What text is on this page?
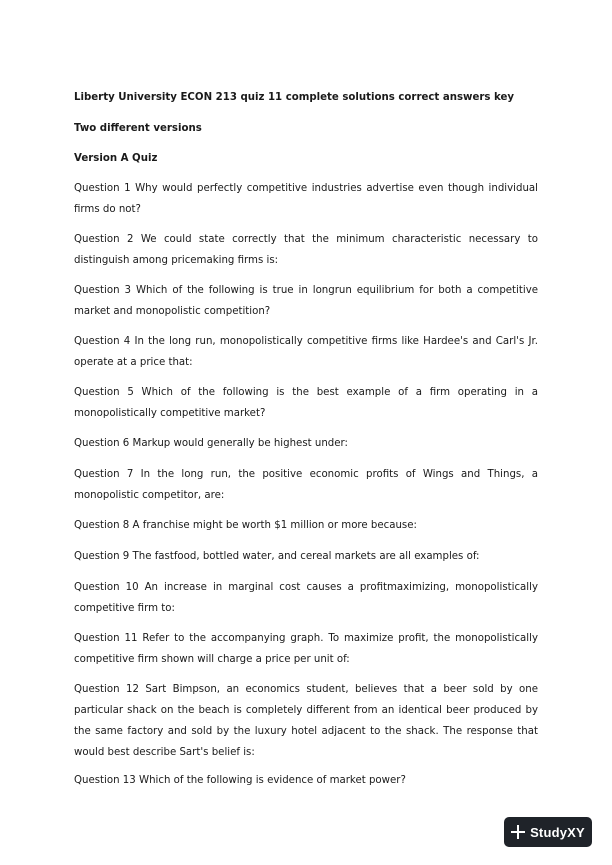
Liberty University ECON 213 quiz 11 complete solutions correct answers key

Two different versions

Version A Quiz

Question 1 Why would perfectly competitive industries advertise even though individual firms do not?

Question 2 We could state correctly that the minimum characteristic necessary to distinguish among pricemaking firms is:

Question 3 Which of the following is true in longrun equilibrium for both a competitive market and monopolistic competition?

Question 4 In the long run, monopolistically competitive firms like Hardee's and Carl's Jr. operate at a price that:

Question 5 Which of the following is the best example of a firm operating in a monopolistically competitive market?

Question 6 Markup would generally be highest under:

Question 7 In the long run, the positive economic profits of Wings and Things, a monopolistic competitor, are:

Question 8 A franchise might be worth $1 million or more because:

Question 9 The fastfood, bottled water, and cereal markets are all examples of:

Question 10 An increase in marginal cost causes a profitmaximizing, monopolistically competitive firm to:

Question 11 Refer to the accompanying graph. To maximize profit, the monopolistically competitive firm shown will charge a price per unit of:

Question 12 Sart Bimpson, an economics student, believes that a beer sold by one particular shack on the beach is completely different from an identical beer produced by the same factory and sold by the luxury hotel adjacent to the shack. The response that would best describe Sart's belief is:

Question 13 Which of the following is evidence of market power?

StudyXY
